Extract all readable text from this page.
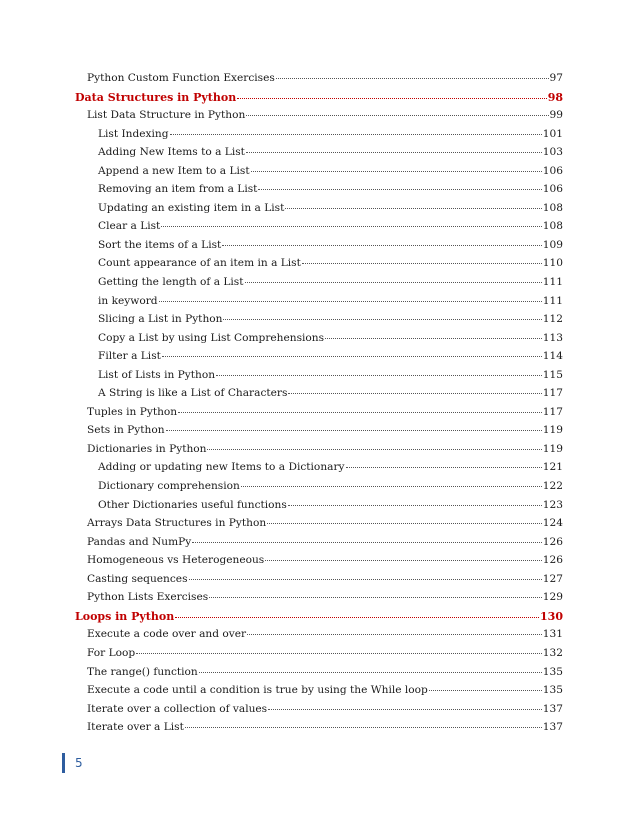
Python Custom Function Exercises	97
Data Structures in Python	98
List Data Structure in Python	99
List Indexing	101
Adding New Items to a List	103
Append a new Item to a List	106
Removing an item from a List	106
Updating an existing item in a List	108
Clear a List	108
Sort the items of a List	109
Count appearance of an item in a List	110
Getting the length of a List	111
in keyword	111
Slicing a List in Python	112
Copy a List by using List Comprehensions	113
Filter a List	114
List of Lists in Python	115
A String is like a List of Characters	117
Tuples in Python	117
Sets in Python	119
Dictionaries in Python	119
Adding or updating new Items to a Dictionary	121
Dictionary comprehension	122
Other Dictionaries useful functions	123
Arrays Data Structures in Python	124
Pandas and NumPy	126
Homogeneous vs Heterogeneous	126
Casting sequences	127
Python Lists Exercises	129
Loops in Python	130
Execute a code over and over	131
For Loop	132
The range() function	135
Execute a code until a condition is true by using the While loop	135
Iterate over a collection of values	137
Iterate over a List	137
5
